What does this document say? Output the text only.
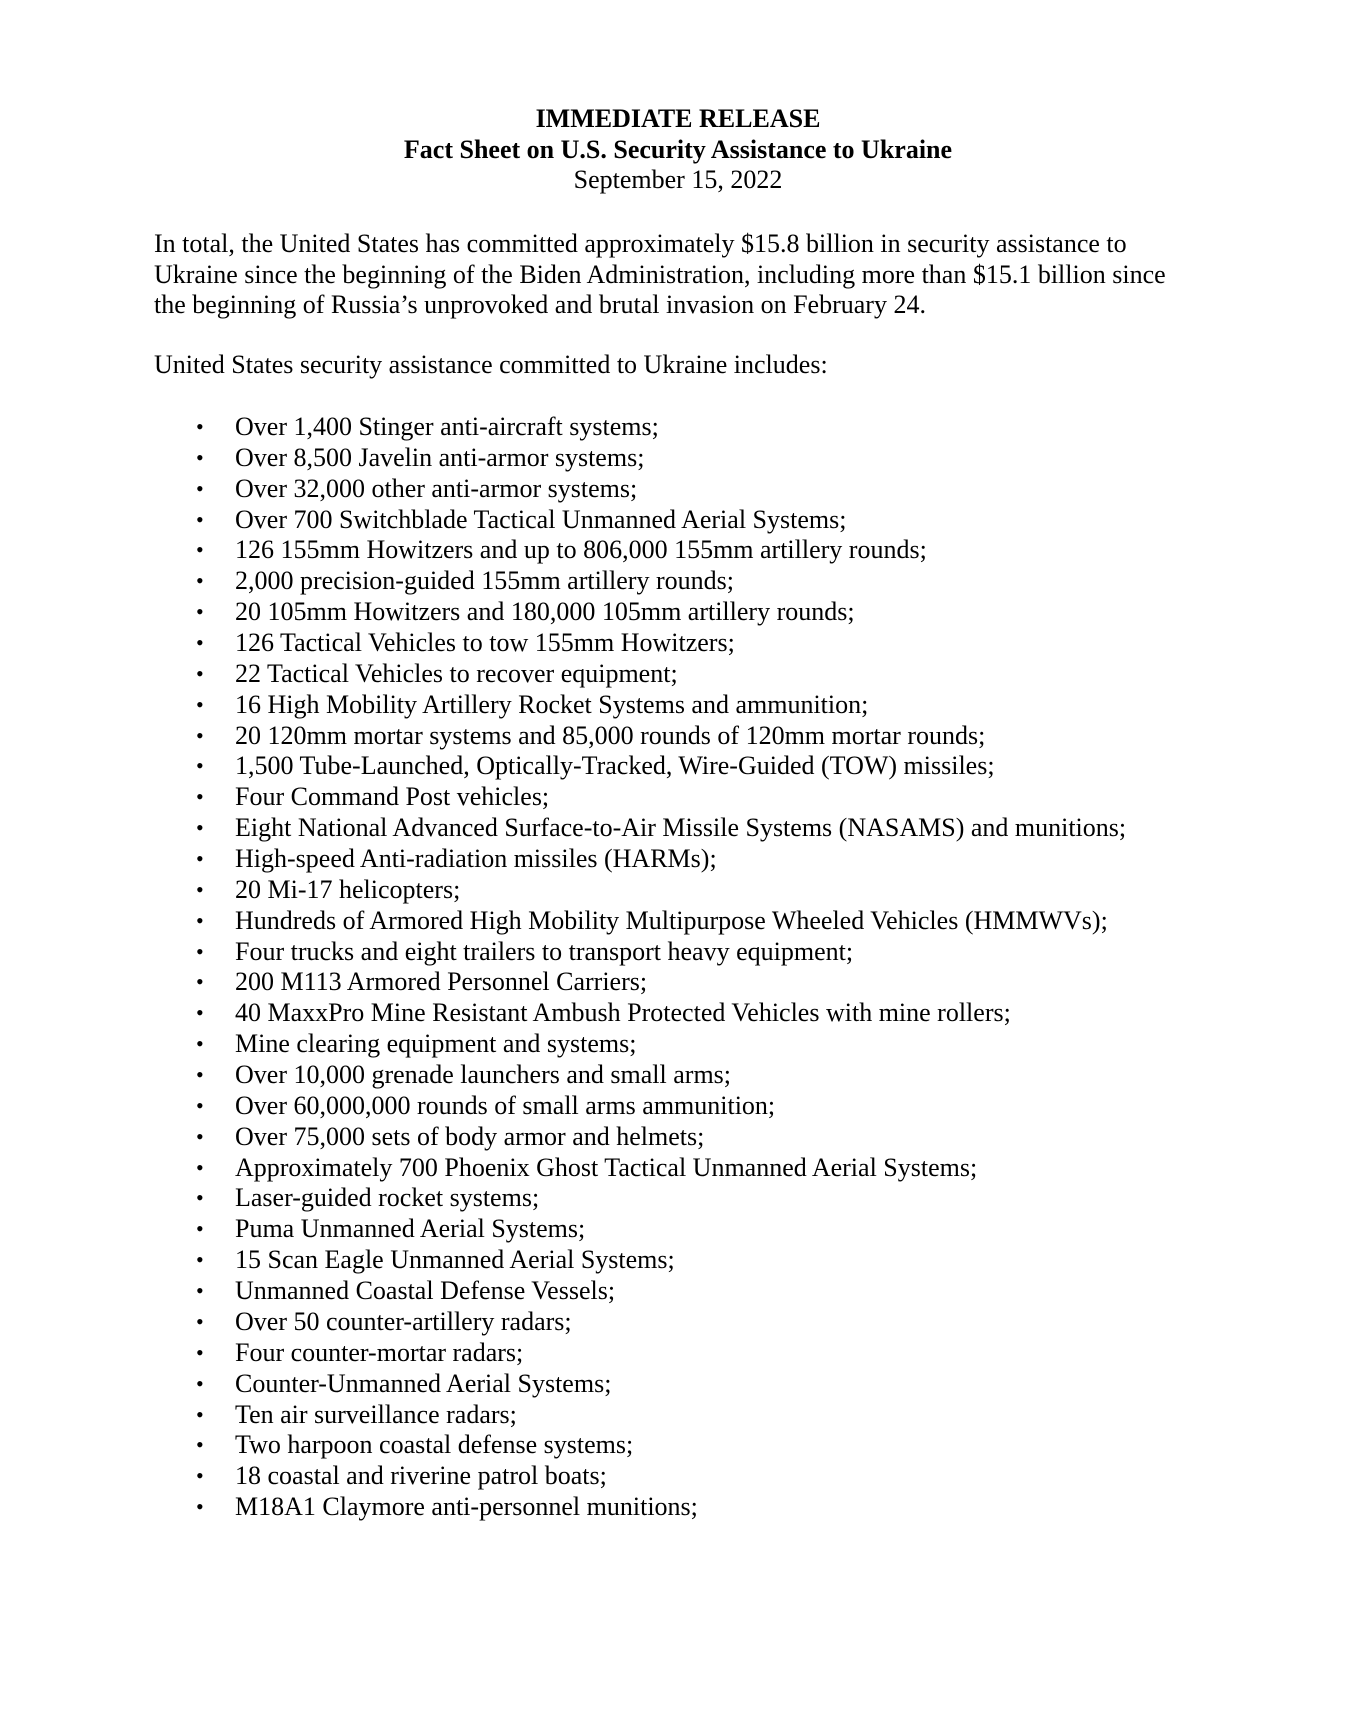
IMMEDIATE RELEASE
Fact Sheet on U.S. Security Assistance to Ukraine
September 15, 2022

In total, the United States has committed approximately $15.8 billion in security assistance to
Ukraine since the beginning of the Biden Administration, including more than $15.1 billion since
the beginning of Russia’s unprovoked and brutal invasion on February 24.

United States security assistance committed to Ukraine includes:

• Over 1,400 Stinger anti-aircraft systems;
• Over 8,500 Javelin anti-armor systems;
• Over 32,000 other anti-armor systems;
• Over 700 Switchblade Tactical Unmanned Aerial Systems;
• 126 155mm Howitzers and up to 806,000 155mm artillery rounds;
• 2,000 precision-guided 155mm artillery rounds;
• 20 105mm Howitzers and 180,000 105mm artillery rounds;
• 126 Tactical Vehicles to tow 155mm Howitzers;
• 22 Tactical Vehicles to recover equipment;
• 16 High Mobility Artillery Rocket Systems and ammunition;
• 20 120mm mortar systems and 85,000 rounds of 120mm mortar rounds;
• 1,500 Tube-Launched, Optically-Tracked, Wire-Guided (TOW) missiles;
• Four Command Post vehicles;
• Eight National Advanced Surface-to-Air Missile Systems (NASAMS) and munitions;
• High-speed Anti-radiation missiles (HARMs);
• 20 Mi-17 helicopters;
• Hundreds of Armored High Mobility Multipurpose Wheeled Vehicles (HMMWVs);
• Four trucks and eight trailers to transport heavy equipment;
• 200 M113 Armored Personnel Carriers;
• 40 MaxxPro Mine Resistant Ambush Protected Vehicles with mine rollers;
• Mine clearing equipment and systems;
• Over 10,000 grenade launchers and small arms;
• Over 60,000,000 rounds of small arms ammunition;
• Over 75,000 sets of body armor and helmets;
• Approximately 700 Phoenix Ghost Tactical Unmanned Aerial Systems;
• Laser-guided rocket systems;
• Puma Unmanned Aerial Systems;
• 15 Scan Eagle Unmanned Aerial Systems;
• Unmanned Coastal Defense Vessels;
• Over 50 counter-artillery radars;
• Four counter-mortar radars;
• Counter-Unmanned Aerial Systems;
• Ten air surveillance radars;
• Two harpoon coastal defense systems;
• 18 coastal and riverine patrol boats;
• M18A1 Claymore anti-personnel munitions;
